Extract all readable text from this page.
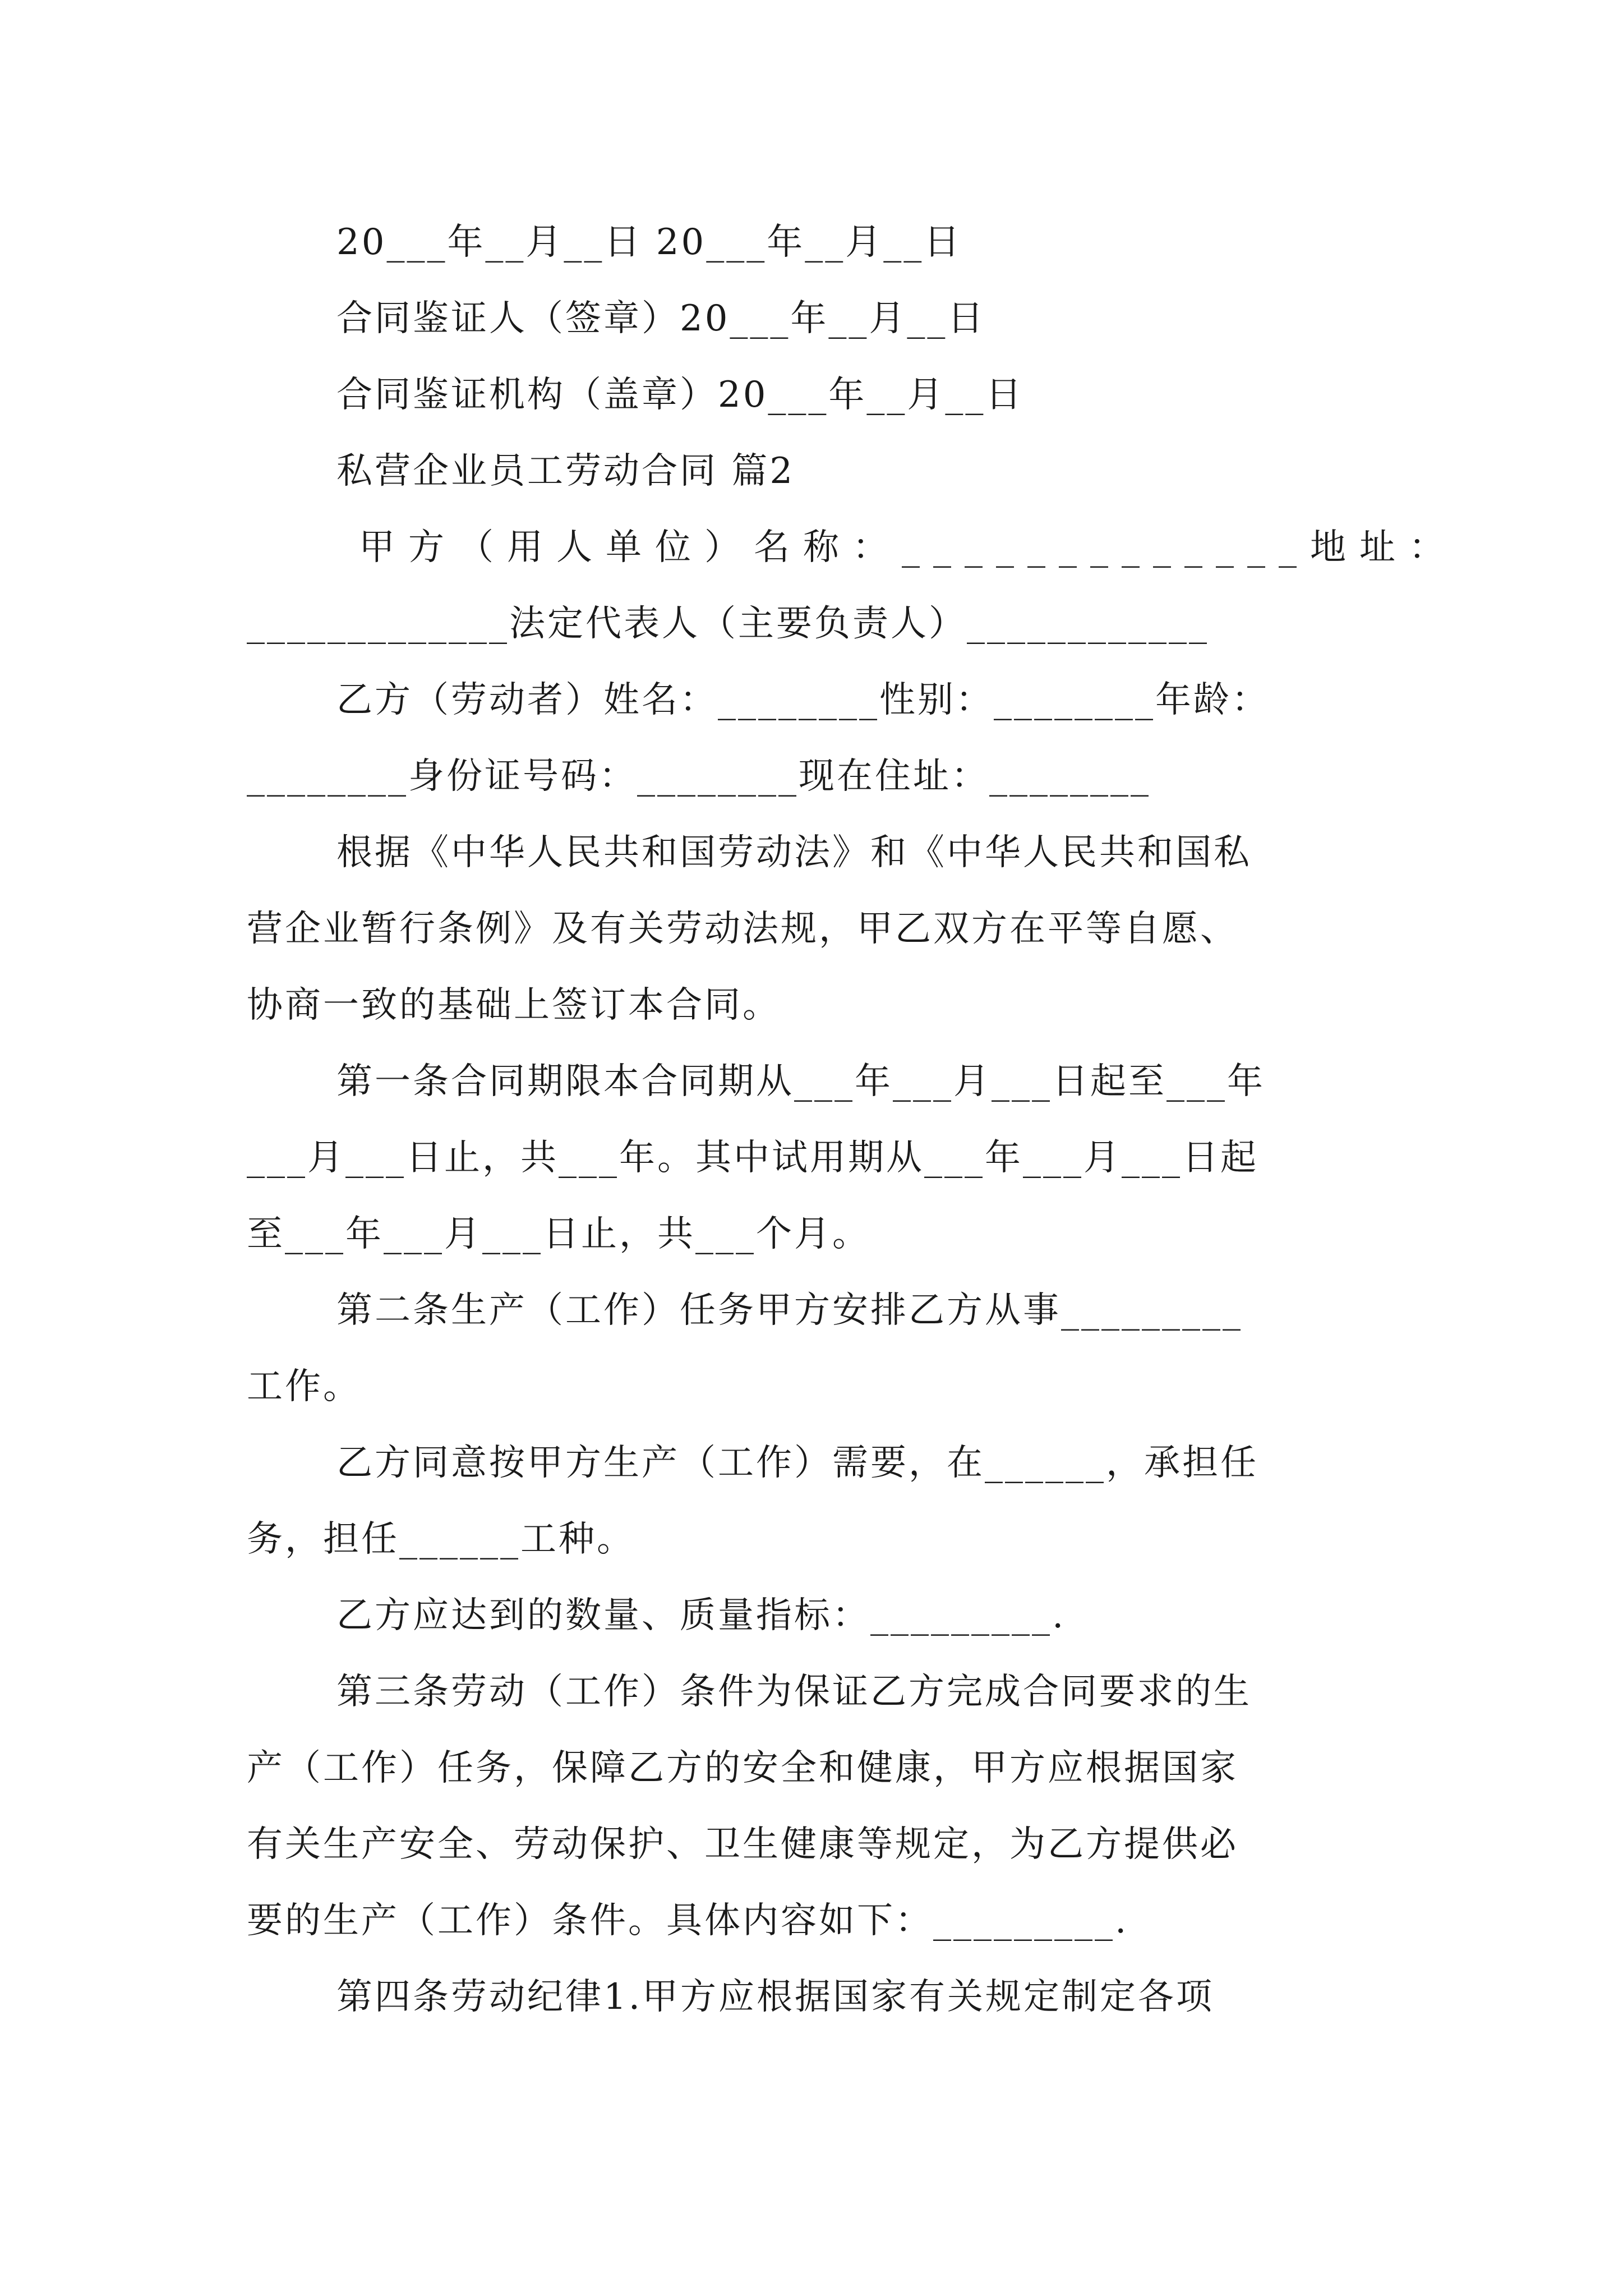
20___年__月__日 20___年__月__日
合同鉴证人（签章）20___年__月__日
合同鉴证机构（盖章）20___年__月__日
私营企业员工劳动合同 篇2
甲方（用人单位）名称：_____________地址：
_____________法定代表人（主要负责人）____________
乙方（劳动者）姓名：________性别：________年龄：
________身份证号码：________现在住址：________
根据《中华人民共和国劳动法》和《中华人民共和国私
营企业暂行条例》及有关劳动法规，甲乙双方在平等自愿、
协商一致的基础上签订本合同。
第一条合同期限本合同期从___年___月___日起至___年
___月___日止，共___年。其中试用期从___年___月___日起
至___年___月___日止，共___个月。
第二条生产（工作）任务甲方安排乙方从事_________
工作。
乙方同意按甲方生产（工作）需要，在______，承担任
务，担任______工种。
乙方应达到的数量、质量指标：_________.
第三条劳动（工作）条件为保证乙方完成合同要求的生
产（工作）任务，保障乙方的安全和健康，甲方应根据国家
有关生产安全、劳动保护、卫生健康等规定，为乙方提供必
要的生产（工作）条件。具体内容如下：_________.
第四条劳动纪律1.甲方应根据国家有关规定制定各项
